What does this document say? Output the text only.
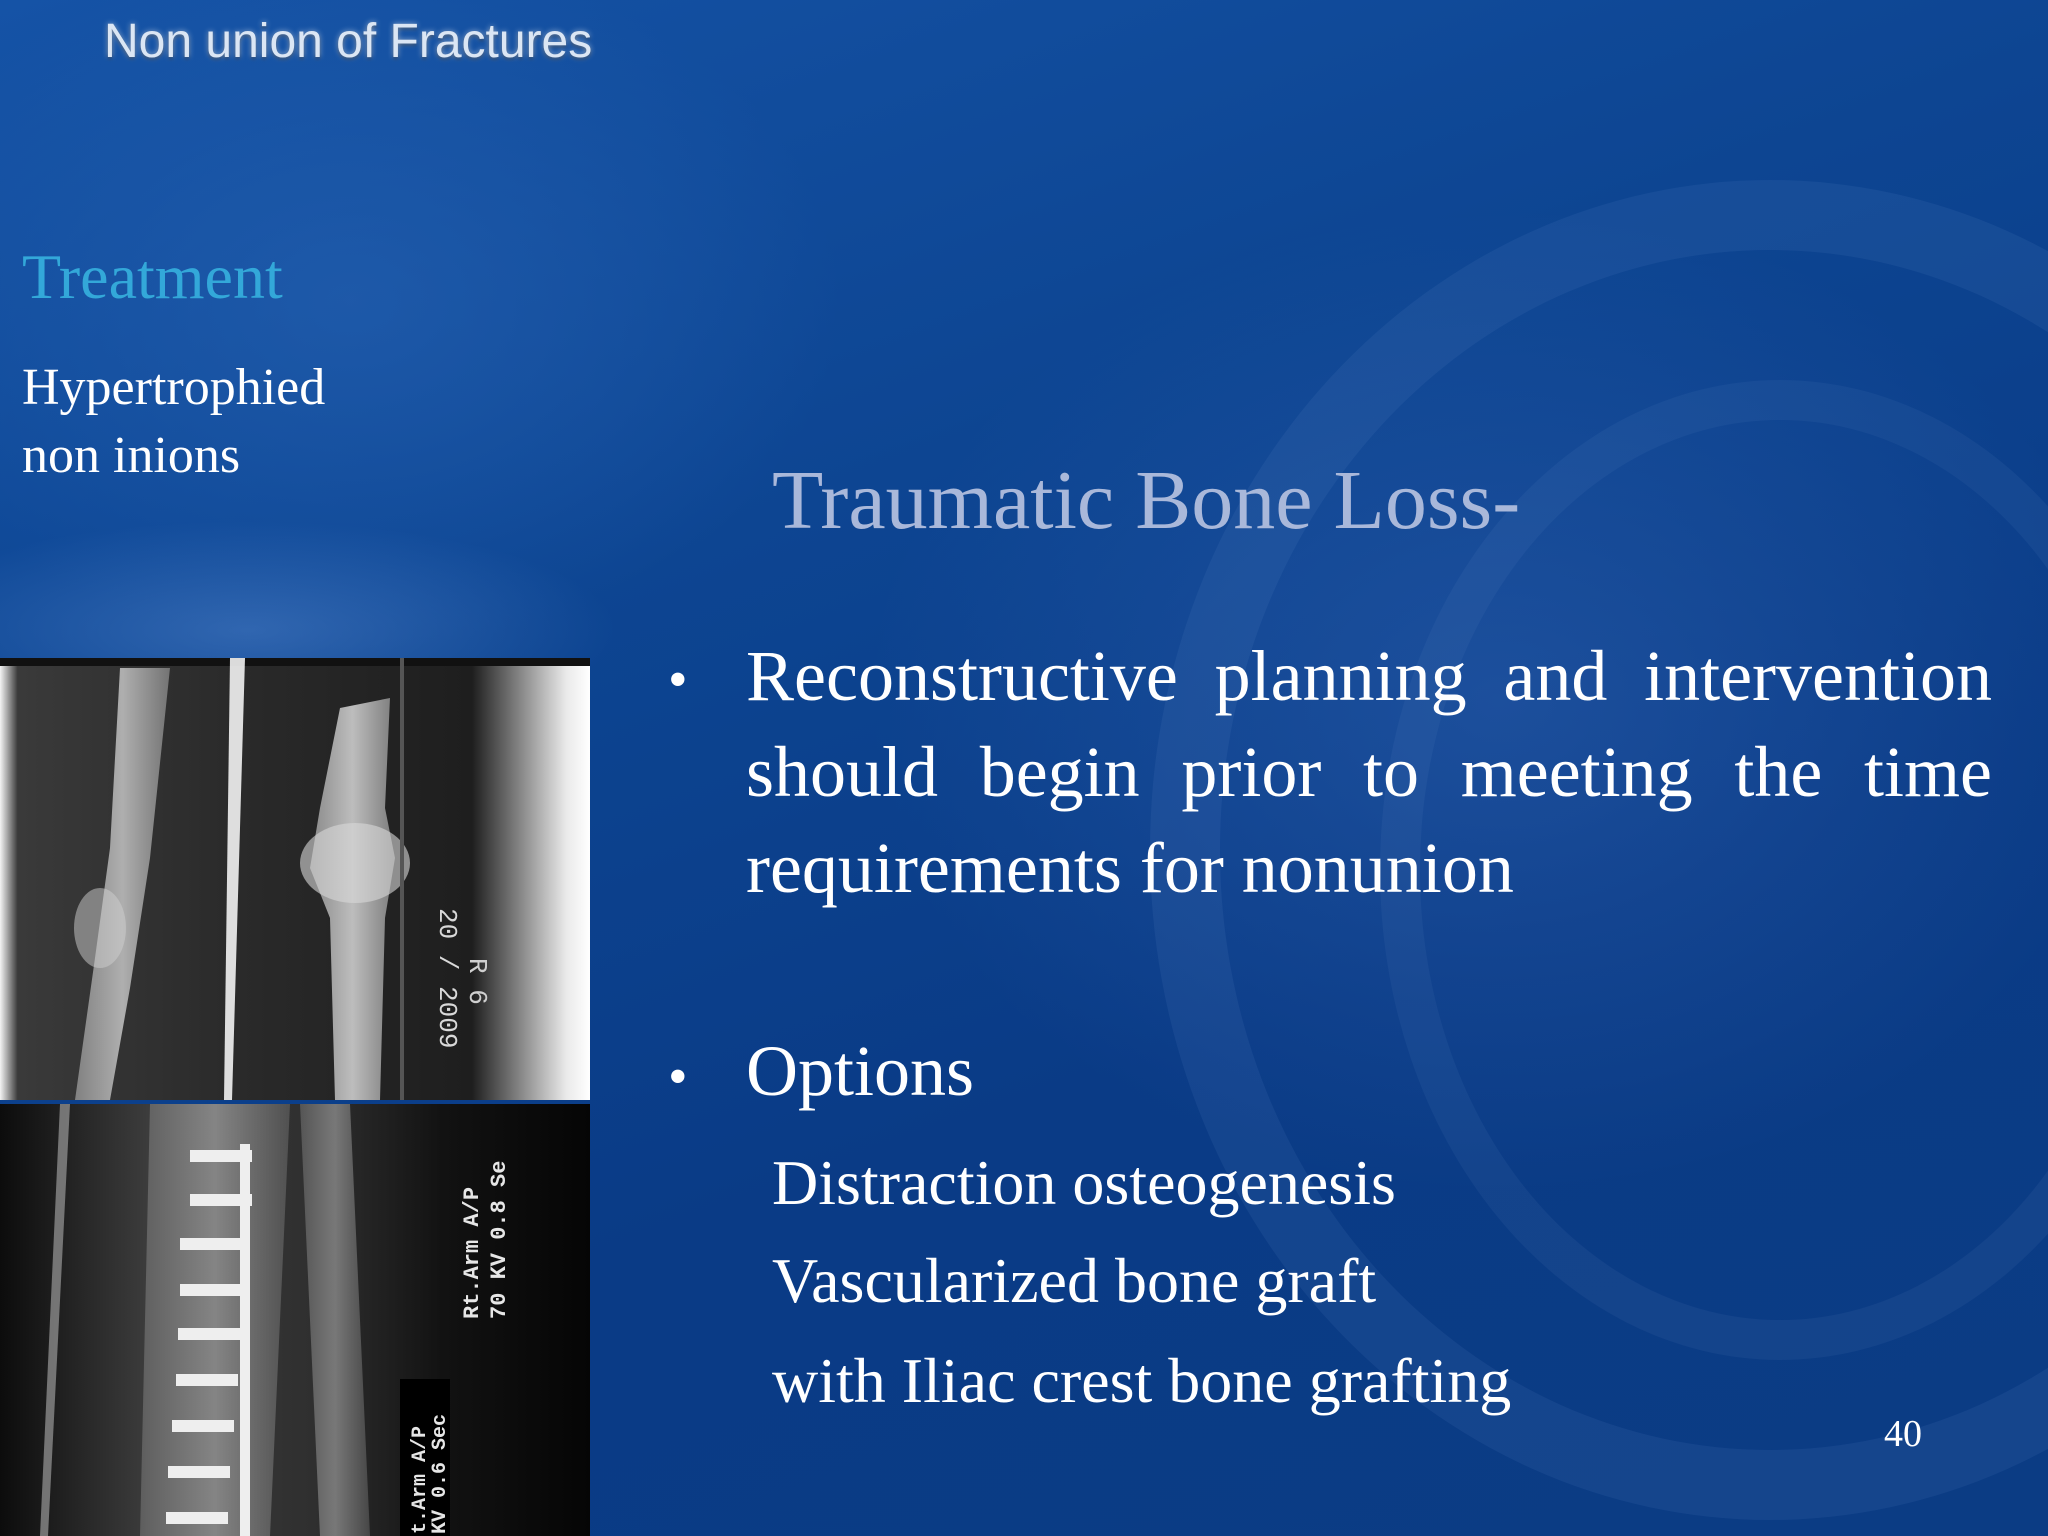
Non union of Fractures
Treatment
Hypertrophied
non inions	Traumatic Bone Loss-
• Reconstructive planning and intervention should begin prior to meeting the time requirements for nonunion
• Options
Distraction osteogenesis
Vascularized bone graft
with Iliac crest bone grafting
40
R 6
20 / 2009
Rt.Arm A/P 70 KV 0.8 Se
t.Arm A/P
KV 0.6 Sec
